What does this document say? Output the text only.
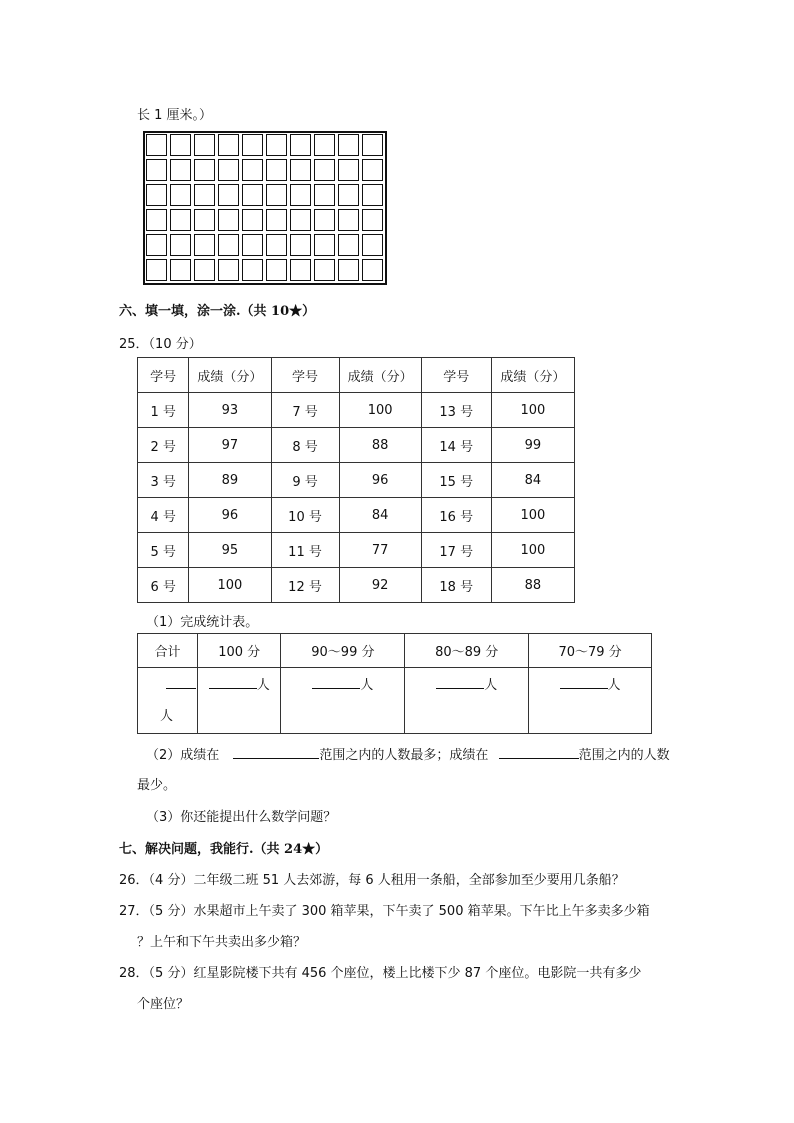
长 1 厘米。）
六、填一填，涂一涂.（共 10★）
25．（10 分）
学号	成绩（分）	学号	成绩（分）	学号	成绩（分）
1 号	93	7 号	100	13 号	100
2 号	97	8 号	88	14 号	99
3 号	89	9 号	96	15 号	84
4 号	96	10 号	84	16 号	100
5 号	95	11 号	77	17 号	100
6 号	100	12 号	92	18 号	88
（1）完成统计表。
合计	100 分	90～99 分	80～89 分	70～79 分

人	人	人	人	人
（2）成绩在	范围之内的人数最多；成绩在	范围之内的人数
最少。
（3）你还能提出什么数学问题？
七、解决问题，我能行.（共 24★）
26．（4 分）二年级二班 51 人去郊游，每 6 人租用一条船，全部参加至少要用几条船？
27．（5 分）水果超市上午卖了 300 箱苹果，下午卖了 500 箱苹果。下午比上午多卖多少箱
？上午和下午共卖出多少箱？
28．（5 分）红星影院楼下共有 456 个座位，楼上比楼下少 87 个座位。电影院一共有多少
个座位？
